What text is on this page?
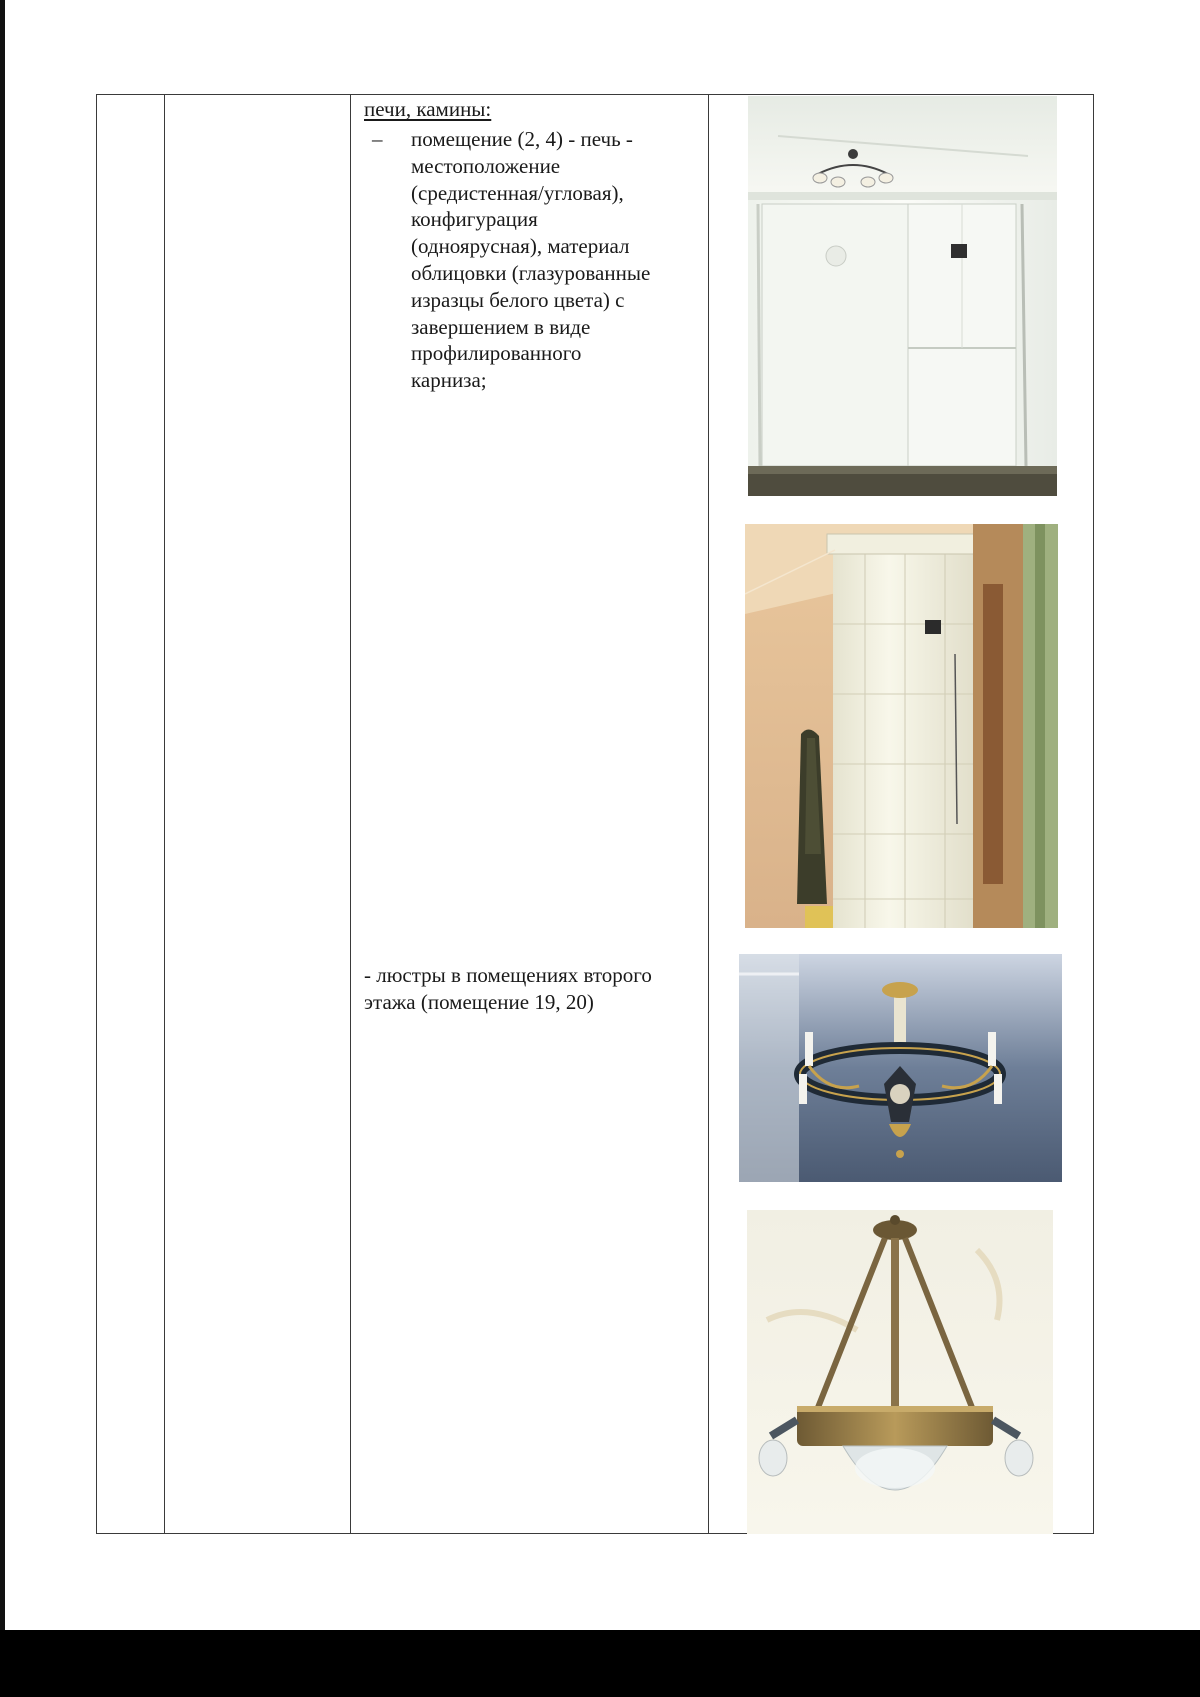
печи, камины:
– помещение (2, 4) - печь -
местоположение
(средистенная/угловая),
конфигурация
(одноярусная), материал
облицовки (глазурованные
изразцы белого цвета) с
завершением в виде
профилированного
карниза;
- люстры в помещениях второго
этажа (помещение 19, 20)
